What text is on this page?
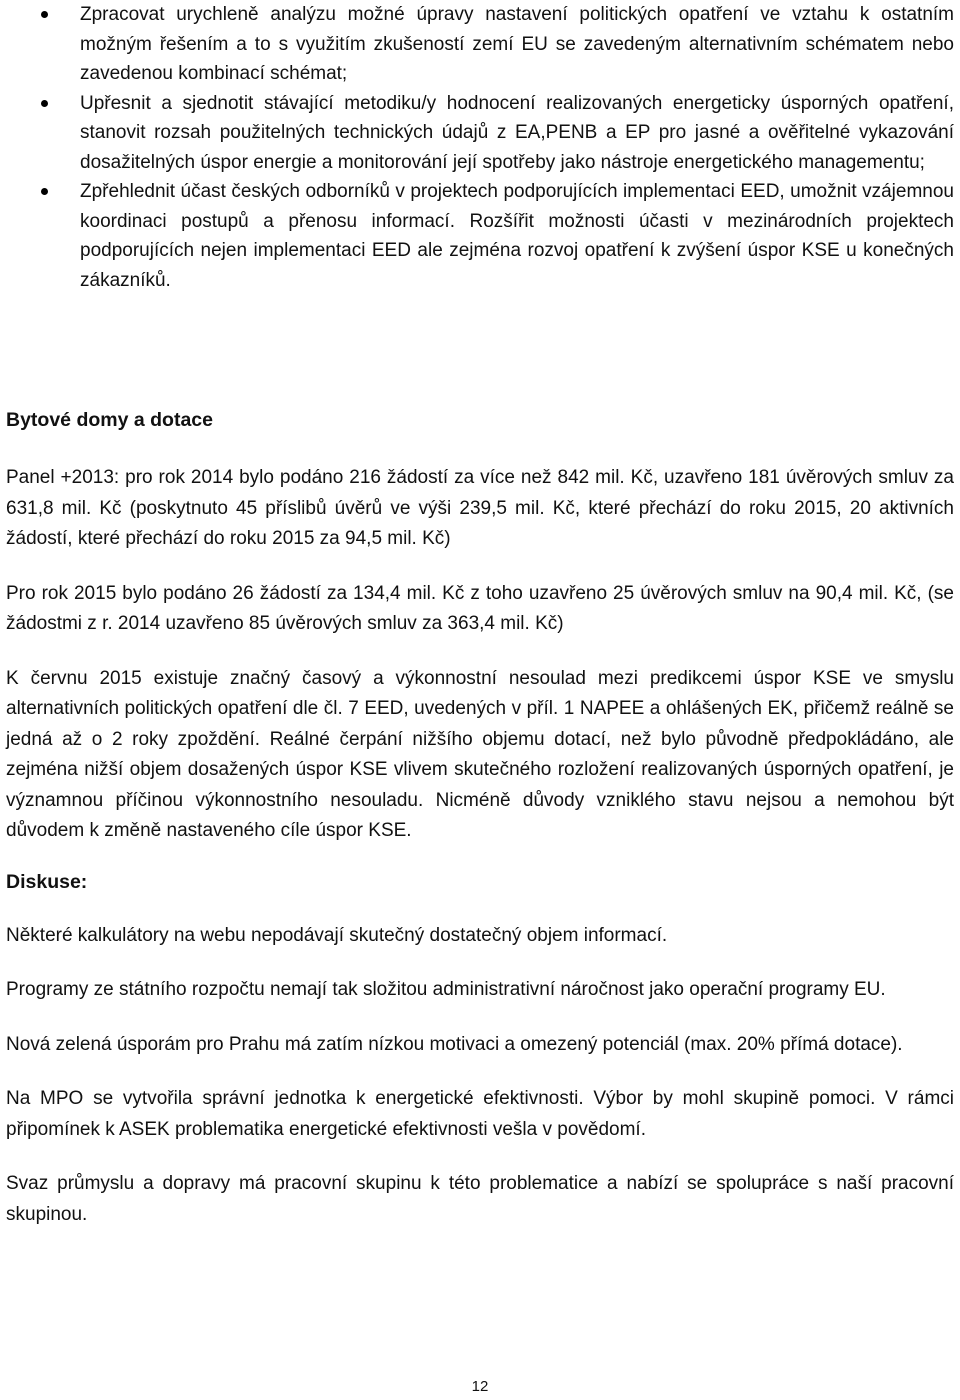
Zpracovat urychleně analýzu možné úpravy nastavení politických opatření ve vztahu k ostatním možným řešením a to s využitím zkušeností zemí EU se zavedeným alternativním schématem nebo zavedenou kombinací schémat;
Upřesnit a sjednotit stávající metodiku/y hodnocení realizovaných energeticky úsporných opatření, stanovit rozsah použitelných technických údajů z EA,PENB a EP pro jasné a ověřitelné vykazování dosažitelných úspor energie a monitorování její spotřeby jako nástroje energetického managementu;
Zpřehlednit účast českých odborníků v projektech podporujících implementaci EED, umožnit vzájemnou koordinaci postupů a přenosu informací. Rozšířit možnosti účasti v mezinárodních projektech podporujících nejen implementaci EED ale zejména rozvoj opatření k zvýšení úspor KSE u konečných zákazníků.
Bytové domy a dotace

Panel +2013: pro rok 2014 bylo podáno 216 žádostí za více než 842 mil. Kč, uzavřeno 181 úvěrových smluv za 631,8 mil. Kč (poskytnuto 45 příslibů úvěrů ve výši 239,5 mil. Kč, které přechází do roku 2015, 20 aktivních žádostí, které přechází do roku 2015 za 94,5 mil. Kč)

Pro rok 2015 bylo podáno 26 žádostí za 134,4 mil. Kč z toho uzavřeno 25 úvěrových smluv na 90,4 mil. Kč, (se žádostmi z r. 2014 uzavřeno 85 úvěrových smluv za 363,4 mil. Kč)

K červnu 2015 existuje značný časový a výkonnostní nesoulad mezi predikcemi úspor KSE ve smyslu alternativních politických opatření dle čl. 7 EED, uvedených v příl. 1 NAPEE a ohlášených EK, přičemž reálně se jedná až o 2 roky zpoždění. Reálné čerpání nižšího objemu dotací, než bylo původně předpokládáno, ale zejména nižší objem dosažených úspor KSE vlivem skutečného rozložení realizovaných úsporných opatření, je významnou příčinou výkonnostního nesouladu. Nicméně důvody vzniklého stavu nejsou a nemohou být důvodem k změně nastaveného cíle úspor KSE.

Diskuse:

Některé kalkulátory na webu nepodávají skutečný dostatečný objem informací.

Programy ze státního rozpočtu nemají tak složitou administrativní náročnost jako operační programy EU.

Nová zelená úsporám pro Prahu má zatím nízkou motivaci a omezený potenciál (max. 20% přímá dotace).

Na MPO se vytvořila správní jednotka k energetické efektivnosti. Výbor by mohl skupině pomoci. V rámci připomínek k ASEK problematika energetické efektivnosti vešla v povědomí.

Svaz průmyslu a dopravy má pracovní skupinu k této problematice a nabízí se spolupráce s naší pracovní skupinou.

12
